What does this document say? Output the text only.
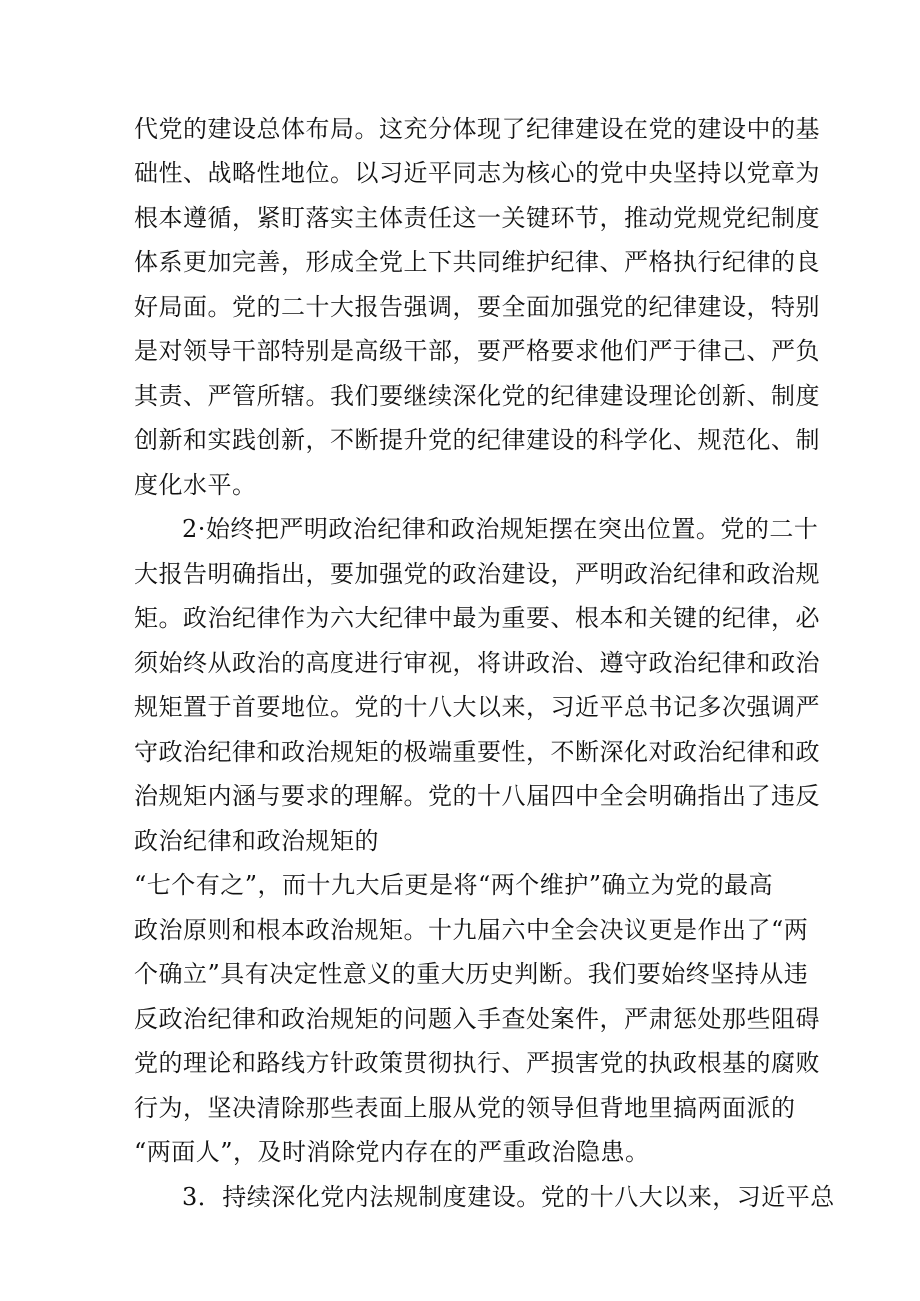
代党的建设总体布局。这充分体现了纪律建设在党的建设中的基
础性、战略性地位。以习近平同志为核心的党中央坚持以党章为
根本遵循，紧盯落实主体责任这一关键环节，推动党规党纪制度
体系更加完善，形成全党上下共同维护纪律、严格执行纪律的良
好局面。党的二十大报告强调，要全面加强党的纪律建设，特别
是对领导干部特别是高级干部，要严格要求他们严于律己、严负
其责、严管所辖。我们要继续深化党的纪律建设理论创新、制度
创新和实践创新，不断提升党的纪律建设的科学化、规范化、制
度化水平。
2·始终把严明政治纪律和政治规矩摆在突出位置。党的二十
大报告明确指出，要加强党的政治建设，严明政治纪律和政治规
矩。政治纪律作为六大纪律中最为重要、根本和关键的纪律，必
须始终从政治的高度进行审视，将讲政治、遵守政治纪律和政治
规矩置于首要地位。党的十八大以来，习近平总书记多次强调严
守政治纪律和政治规矩的极端重要性，不断深化对政治纪律和政
治规矩内涵与要求的理解。党的十八届四中全会明确指出了违反
政治纪律和政治规矩的
“七个有之”，而十九大后更是将“两个维护”确立为党的最高
政治原则和根本政治规矩。十九届六中全会决议更是作出了“两
个确立”具有决定性意义的重大历史判断。我们要始终坚持从违
反政治纪律和政治规矩的问题入手查处案件，严肃惩处那些阻碍
党的理论和路线方针政策贯彻执行、严损害党的执政根基的腐败
行为，坚决清除那些表面上服从党的领导但背地里搞两面派的
“两面人”，及时消除党内存在的严重政治隐患。
3．持续深化党内法规制度建设。党的十八大以来，习近平总
